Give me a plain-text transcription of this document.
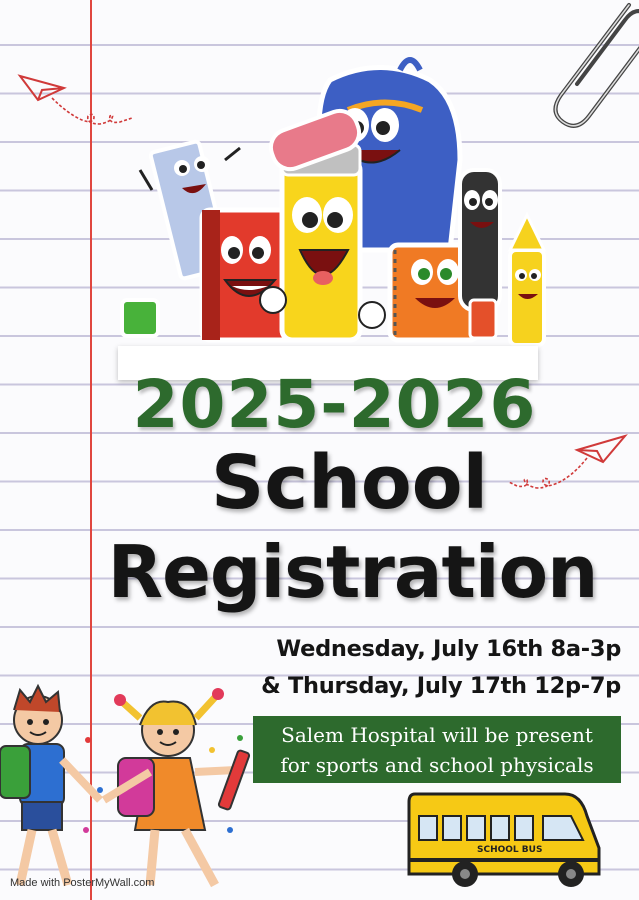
2025-2026
School
Registration
Wednesday, July 16th 8a-3p
& Thursday, July 17th 12p-7p
Salem Hospital will be present
for sports and school physicals
SCHOOL BUS
Made with PosterMyWall.com
